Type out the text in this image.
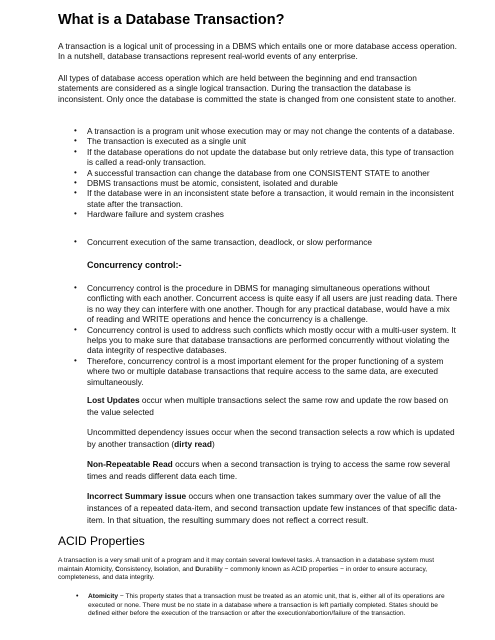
What is a Database Transaction?
A transaction is a logical unit of processing in a DBMS which entails one or more database access operation. In a nutshell, database transactions represent real-world events of any enterprise.
All types of database access operation which are held between the beginning and end transaction statements are considered as a single logical transaction. During the transaction the database is inconsistent. Only once the database is committed the state is changed from one consistent state to another.
• A transaction is a program unit whose execution may or may not change the contents of a database.
• The transaction is executed as a single unit
• If the database operations do not update the database but only retrieve data, this type of transaction is called a read-only transaction.
• A successful transaction can change the database from one CONSISTENT STATE to another
• DBMS transactions must be atomic, consistent, isolated and durable
• If the database were in an inconsistent state before a transaction, it would remain in the inconsistent state after the transaction.
• Hardware failure and system crashes
• Concurrent execution of the same transaction, deadlock, or slow performance
Concurrency control:-
• Concurrency control is the procedure in DBMS for managing simultaneous operations without conflicting with each another. Concurrent access is quite easy if all users are just reading data. There is no way they can interfere with one another. Though for any practical database, would have a mix of reading and WRITE operations and hence the concurrency is a challenge.
• Concurrency control is used to address such conflicts which mostly occur with a multi-user system. It helps you to make sure that database transactions are performed concurrently without violating the data integrity of respective databases.
• Therefore, concurrency control is a most important element for the proper functioning of a system where two or multiple database transactions that require access to the same data, are executed simultaneously.
Lost Updates occur when multiple transactions select the same row and update the row based on the value selected
Uncommitted dependency issues occur when the second transaction selects a row which is updated by another transaction (dirty read)
Non-Repeatable Read occurs when a second transaction is trying to access the same row several times and reads different data each time.
Incorrect Summary issue occurs when one transaction takes summary over the value of all the instances of a repeated data-item, and second transaction update few instances of that specific data-item. In that situation, the resulting summary does not reflect a correct result.
ACID Properties
A transaction is a very small unit of a program and it may contain several lowlevel tasks. A transaction in a database system must maintain Atomicity, Consistency, Isolation, and Durability − commonly known as ACID properties − in order to ensure accuracy, completeness, and data integrity.
• Atomicity − This property states that a transaction must be treated as an atomic unit, that is, either all of its operations are executed or none. There must be no state in a database where a transaction is left partially completed. States should be defined either before the execution of the transaction or after the execution/abortion/failure of the transaction.
